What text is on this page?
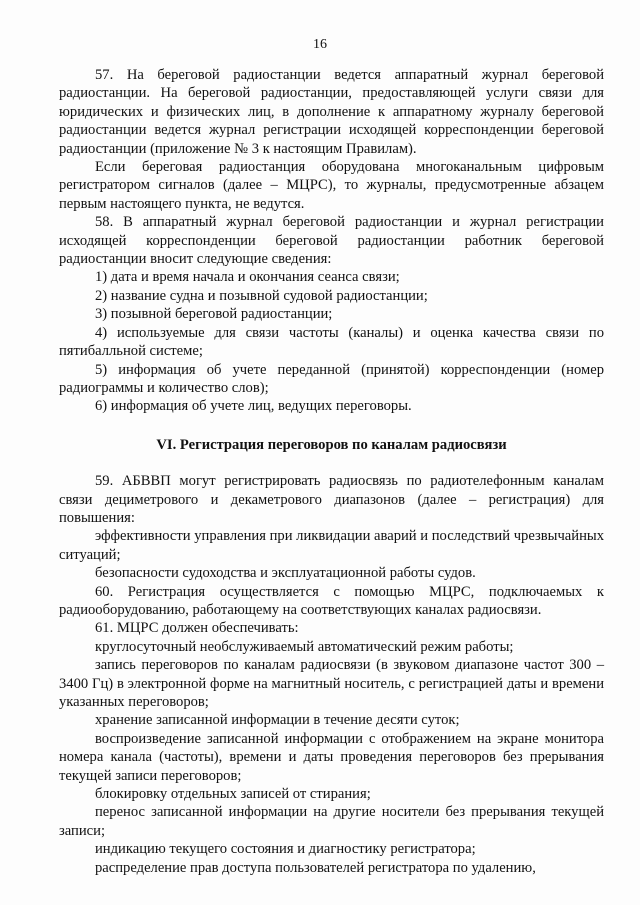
16

57. На береговой радиостанции ведется аппаратный журнал береговой радиостанции. На береговой радиостанции, предоставляющей услуги связи для юридических и физических лиц, в дополнение к аппаратному журналу береговой радиостанции ведется журнал регистрации исходящей корреспонденции береговой радиостанции (приложение № 3 к настоящим Правилам).

Если береговая радиостанция оборудована многоканальным цифровым регистратором сигналов (далее – МЦРС), то журналы, предусмотренные абзацем первым настоящего пункта, не ведутся.

58. В аппаратный журнал береговой радиостанции и журнал регистрации исходящей корреспонденции береговой радиостанции работник береговой радиостанции вносит следующие сведения:

1) дата и время начала и окончания сеанса связи;

2) название судна и позывной судовой радиостанции;

3) позывной береговой радиостанции;

4) используемые для связи частоты (каналы) и оценка качества связи по пятибалльной системе;

5) информация об учете переданной (принятой) корреспонденции (номер радиограммы и количество слов);

6) информация об учете лиц, ведущих переговоры.

VI. Регистрация переговоров по каналам радиосвязи

59. АБВВП могут регистрировать радиосвязь по радиотелефонным каналам связи дециметрового и декаметрового диапазонов (далее – регистрация) для повышения:

эффективности управления при ликвидации аварий и последствий чрезвычайных ситуаций;

безопасности судоходства и эксплуатационной работы судов.

60. Регистрация осуществляется с помощью МЦРС, подключаемых к радиооборудованию, работающему на соответствующих каналах радиосвязи.

61. МЦРС должен обеспечивать:

круглосуточный необслуживаемый автоматический режим работы;

запись переговоров по каналам радиосвязи (в звуковом диапазоне частот 300 – 3400 Гц) в электронной форме на магнитный носитель, с регистрацией даты и времени указанных переговоров;

хранение записанной информации в течение десяти суток;

воспроизведение записанной информации с отображением на экране монитора номера канала (частоты), времени и даты проведения переговоров без прерывания текущей записи переговоров;

блокировку отдельных записей от стирания;

перенос записанной информации на другие носители без прерывания текущей записи;

индикацию текущего состояния и диагностику регистратора;

распределение прав доступа пользователей регистратора по удалению,
